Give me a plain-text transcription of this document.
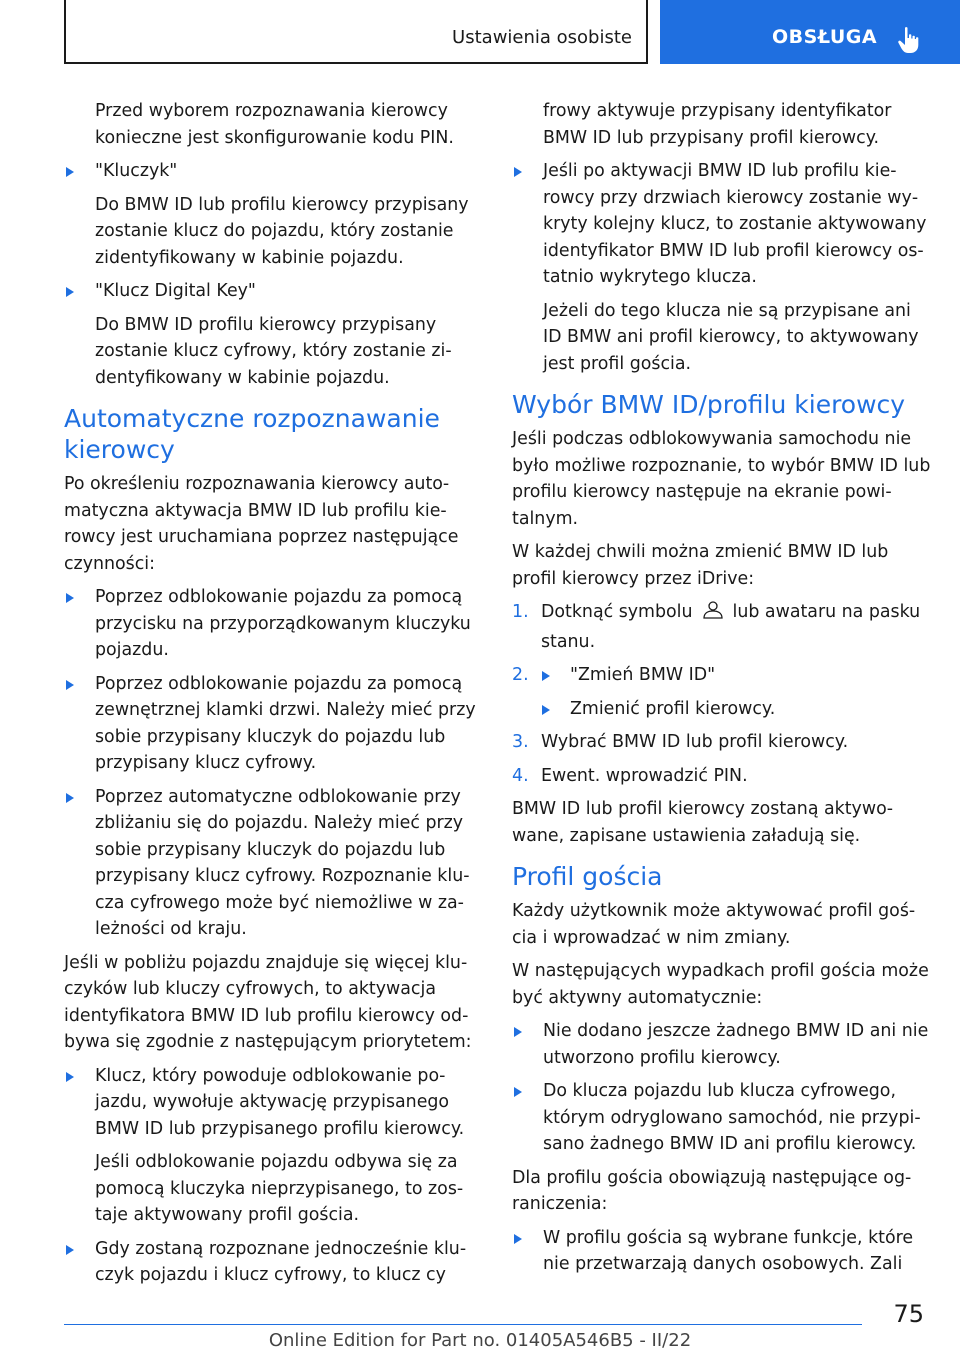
Ustawienia osobiste	OBSŁUGA

Przed wyborem rozpoznawania kierowcy konieczne jest skonfigurowanie kodu PIN.

"Kluczyk"

Do BMW ID lub profilu kierowcy przypisany zostanie klucz do pojazdu, który zostanie zidentyfikowany w kabinie pojazdu.

"Klucz Digital Key"

Do BMW ID profilu kierowcy przypisany zostanie klucz cyfrowy, który zostanie zidentyfikowany w kabinie pojazdu.

Automatyczne rozpoznawanie kierowcy

Po określeniu rozpoznawania kierowcy automatyczna aktywacja BMW ID lub profilu kierowcy jest uruchamiana poprzez następujące czynności:

Poprzez odblokowanie pojazdu za pomocą przycisku na przyporządkowanym kluczyku pojazdu.
Poprzez odblokowanie pojazdu za pomocą zewnętrznej klamki drzwi. Należy mieć przy sobie przypisany kluczyk do pojazdu lub przypisany klucz cyfrowy.
Poprzez automatyczne odblokowanie przy zbliżaniu się do pojazdu. Należy mieć przy sobie przypisany kluczyk do pojazdu lub przypisany klucz cyfrowy. Rozpoznanie klucza cyfrowego może być niemożliwe w zależności od kraju.

Jeśli w pobliżu pojazdu znajduje się więcej kluczyków lub kluczy cyfrowych, to aktywacja identyfikatora BMW ID lub profilu kierowcy odbywa się zgodnie z następującym priorytetem:

Klucz, który powoduje odblokowanie pojazdu, wywołuje aktywację przypisanego BMW ID lub przypisanego profilu kierowcy.

Jeśli odblokowanie pojazdu odbywa się za pomocą kluczyka nieprzypisanego, to zostaje aktywowany profil gościa.

Gdy zostaną rozpoznane jednocześnie kluczyk pojazdu i klucz cyfrowy, to klucz cy

frowy aktywuje przypisany identyfikator BMW ID lub przypisany profil kierowcy.

Jeśli po aktywacji BMW ID lub profilu kierowcy przy drzwiach kierowcy zostanie wykryty kolejny klucz, to zostanie aktywowany identyfikator BMW ID lub profil kierowcy ostatnio wykrytego klucza.

Jeżeli do tego klucza nie są przypisane ani ID BMW ani profil kierowcy, to aktywowany jest profil gościa.

Wybór BMW ID/profilu kierowcy

Jeśli podczas odblokowywania samochodu nie było możliwe rozpoznanie, to wybór BMW ID lub profilu kierowcy następuje na ekranie powitalnym.

W każdej chwili można zmienić BMW ID lub profil kierowcy przez iDrive:

1. Dotknąć symbolu lub awataru na pasku stanu.
2. "Zmień BMW ID"
Zmienić profil kierowcy.
3. Wybrać BMW ID lub profil kierowcy.
4. Ewent. wprowadzić PIN.

BMW ID lub profil kierowcy zostaną aktywowane, zapisane ustawienia załadują się.

Profil gościa

Każdy użytkownik może aktywować profil gościa i wprowadzać w nim zmiany.

W następujących wypadkach profil gościa może być aktywny automatycznie:

Nie dodano jeszcze żadnego BMW ID ani nie utworzono profilu kierowcy.
Do klucza pojazdu lub klucza cyfrowego, którym odryglowano samochód, nie przypisano żadnego BMW ID ani profilu kierowcy.

Dla profilu gościa obowiązują następujące ograniczenia:

W profilu gościa są wybrane funkcje, które nie przetwarzają danych osobowych. Zali
75
Online Edition for Part no. 01405A546B5 - II/22
